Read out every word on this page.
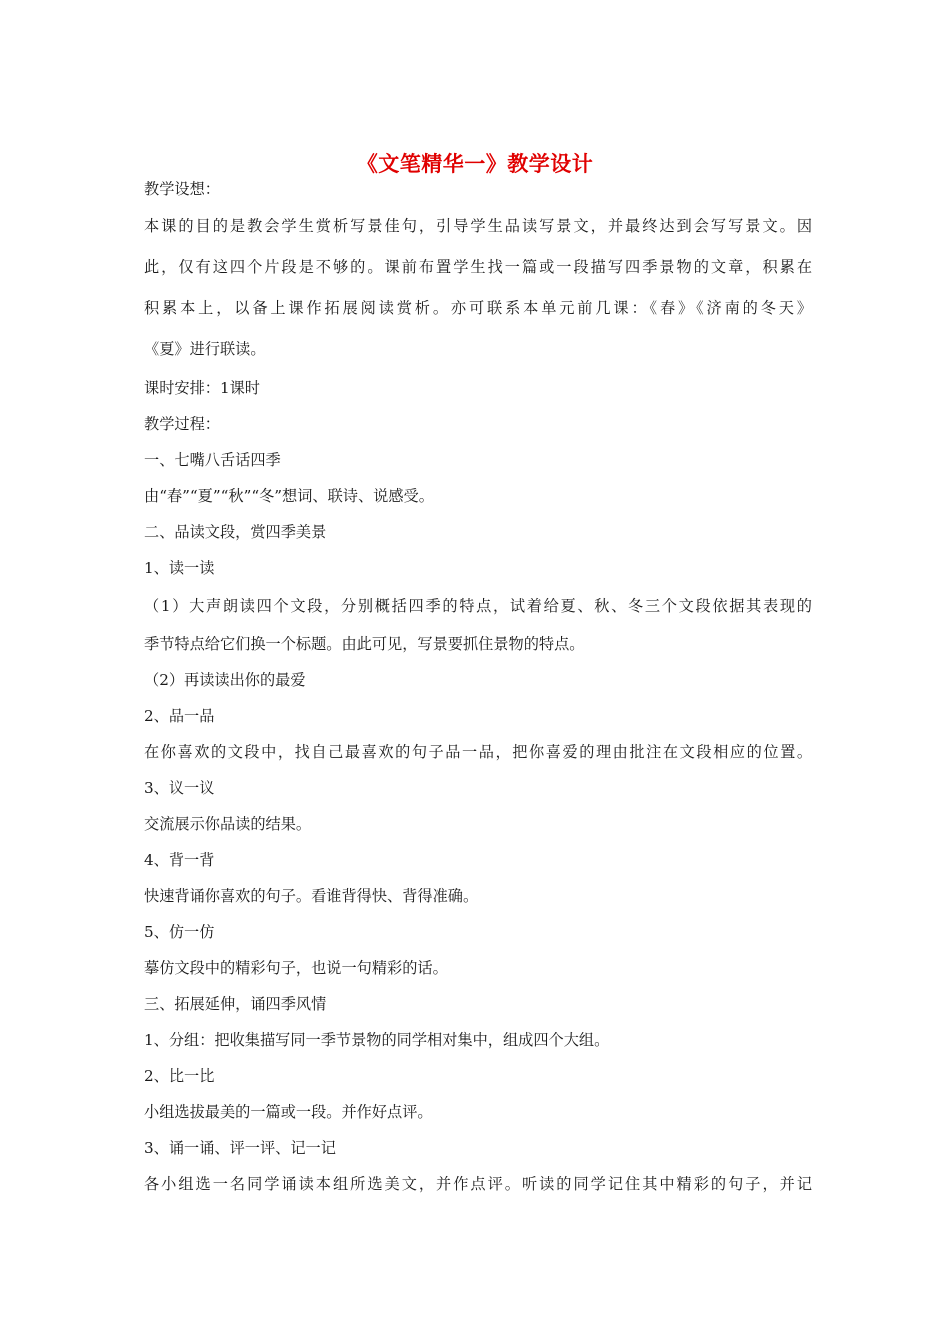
《文笔精华一》教学设计
教学设想：
本课的目的是教会学生赏析写景佳句，引导学生品读写景文，并最终达到会写写景文。因
此，仅有这四个片段是不够的。课前布置学生找一篇或一段描写四季景物的文章，积累在
积累本上，以备上课作拓展阅读赏析。亦可联系本单元前几课：《春》《济南的冬天》
《夏》进行联读。
课时安排：1课时
教学过程：
一、七嘴八舌话四季
由“春”“夏”“秋”“冬”想词、联诗、说感受。
二、品读文段，赏四季美景
1、读一读
（1）大声朗读四个文段，分别概括四季的特点，试着给夏、秋、冬三个文段依据其表现的
季节特点给它们换一个标题。由此可见，写景要抓住景物的特点。
（2）再读读出你的最爱
2、品一品
在你喜欢的文段中，找自己最喜欢的句子品一品，把你喜爱的理由批注在文段相应的位置。
3、议一议
交流展示你品读的结果。
4、背一背
快速背诵你喜欢的句子。看谁背得快、背得准确。
5、仿一仿
摹仿文段中的精彩句子，也说一句精彩的话。
三、拓展延伸，诵四季风情
1、分组：把收集描写同一季节景物的同学相对集中，组成四个大组。
2、比一比
小组选拔最美的一篇或一段。并作好点评。
3、诵一诵、评一评、记一记
各小组选一名同学诵读本组所选美文，并作点评。听读的同学记住其中精彩的句子，并记
